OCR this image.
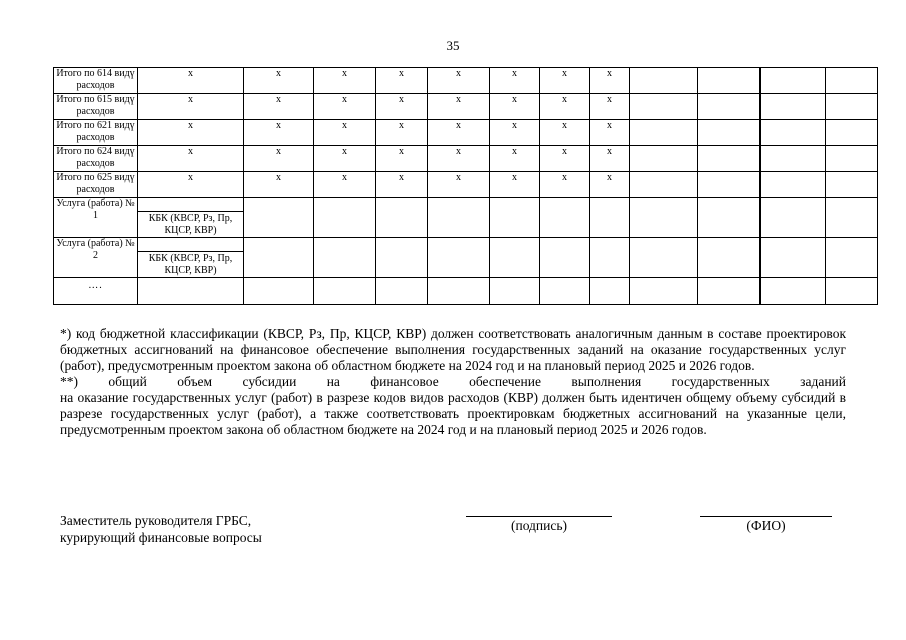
35
Итого по 614 видү расходов	x	x	x	x	x	x	x	x				
Итого по 615 видү расходов	x	x	x	x	x	x	x	x				
Итого по 621 видү расходов	x	x	x	x	x	x	x	x				
Итого по 624 видү расходов	x	x	x	x	x	x	x	x				
Итого по 625 видү расходов	x	x	x	x	x	x	x	x				
Услуга (работа) № 1	КБК (КВСР, Рз, Пр, КЦСР, КВР)											

Услуга (работа) № 2	КБК (КВСР, Рз, Пр, КЦСР, КВР)											

….												

*) код бюджетной классификации (КВСР, Рз, Пр, КЦСР, КВР) должен соответствовать аналогичным данным в составе проектировок бюджетных ассигнований на финансовое обеспечение выполнения государственных заданий на оказание государственных услуг (работ), предусмотренным проектом закона об областном бюджете на 2024 год и на плановый период 2025 и 2026 годов.

**) общий объем субсидии на финансовое обеспечение выполнения государственных заданий

на оказание государственных услуг (работ) в разрезе кодов видов расходов (КВР) должен быть идентичен общему объему субсидий в разрезе государственных услуг (работ), а также соответствовать проектировкам бюджетных ассигнований на указанные цели, предусмотренным проектом закона об областном бюджете на 2024 год и на плановый период 2025 и 2026 годов.

Заместитель руководителя ГРБС,
курирующий финансовые вопросы
(подпись)	(ФИО)
